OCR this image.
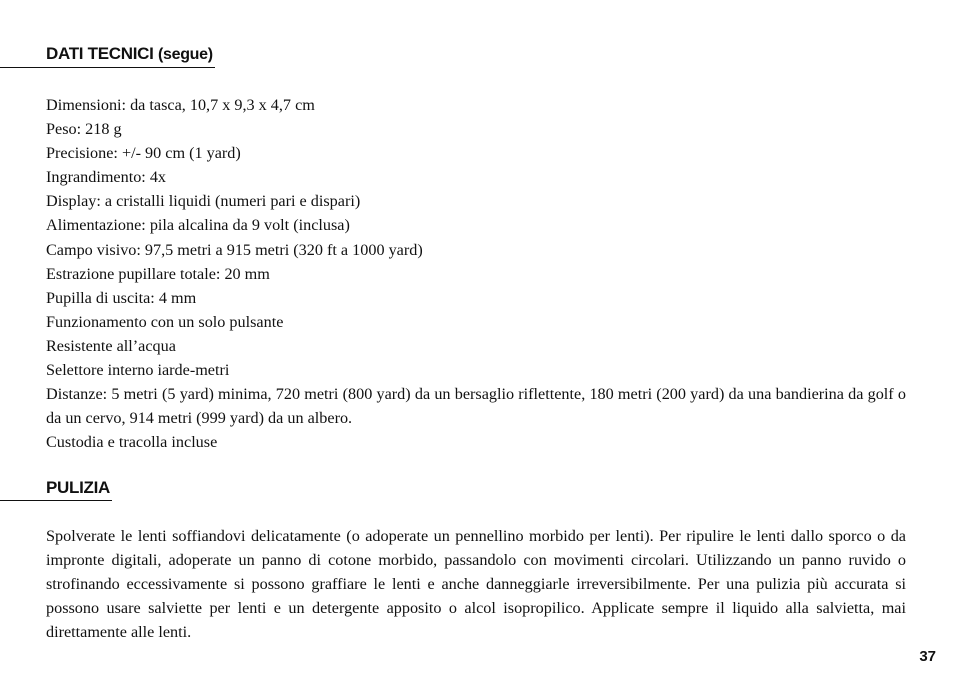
DATI TECNICI (segue)
Dimensioni: da tasca, 10,7 x 9,3 x 4,7 cm
Peso: 218 g
Precisione: +/- 90 cm (1 yard)
Ingrandimento: 4x
Display: a cristalli liquidi (numeri pari e dispari)
Alimentazione: pila alcalina da 9 volt (inclusa)
Campo visivo: 97,5 metri a 915 metri (320 ft a 1000 yard)
Estrazione pupillare totale: 20 mm
Pupilla di uscita: 4 mm
Funzionamento con un solo pulsante
Resistente all’acqua
Selettore interno iarde-metri
Distanze: 5 metri (5 yard) minima, 720 metri (800 yard) da un bersaglio riflettente, 180 metri (200 yard) da una bandierina da golf o da un cervo, 914 metri (999 yard) da un albero.
Custodia e tracolla incluse
PULIZIA

Spolverate le lenti soffiandovi delicatamente (o adoperate un pennellino morbido per lenti). Per ripulire le lenti dallo sporco o da impronte digitali, adoperate un panno di cotone morbido, passandolo con movimenti circolari. Utilizzando un panno ruvido o strofinando eccessivamente si possono graffiare le lenti e anche danneggiarle irreversibilmente. Per una pulizia più accurata si possono usare salviette per lenti e un detergente apposito o alcol isopropilico. Applicate sempre il liquido alla salvietta, mai direttamente alle lenti.

37
